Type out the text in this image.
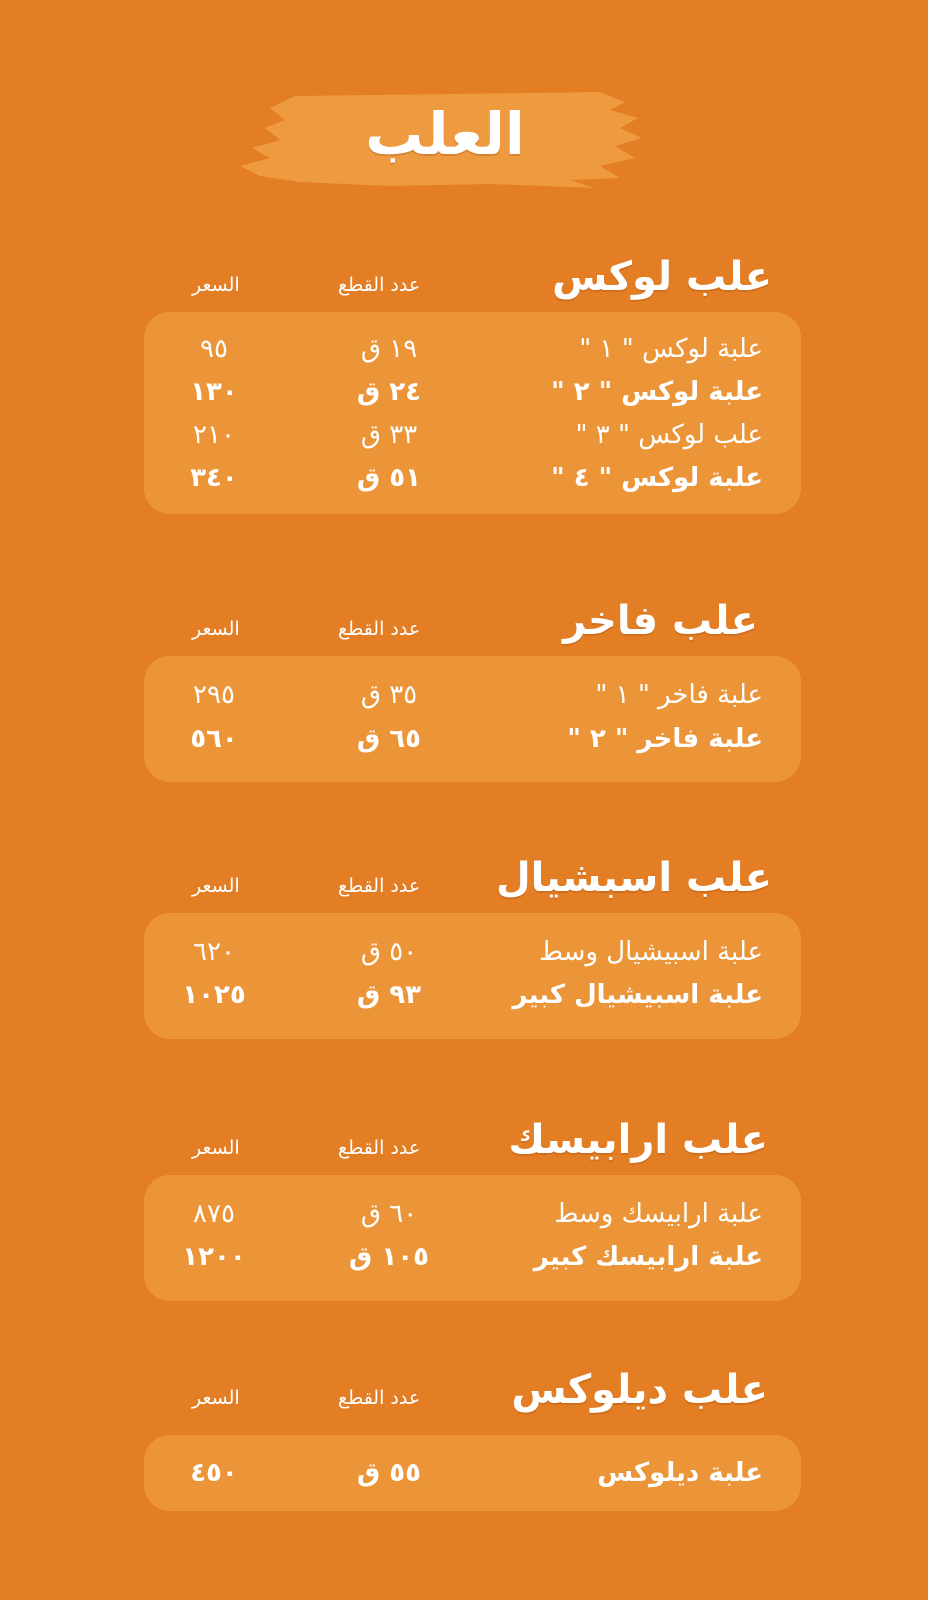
العلب
علب لوكس
عدد القطع
السعر
علبة لوكس " ١ "
١٩ ق
٩٥
علبة لوكس " ٢ "
٢٤ ق
١٣٠
علب لوكس " ٣ "
٣٣ ق
٢١٠
علبة لوكس " ٤ "
٥١ ق
٣٤٠
علب فاخر
عدد القطع
السعر
علبة فاخر " ١ "
٣٥ ق
٢٩٥
علبة فاخر " ٢ "
٦٥ ق
٥٦٠
علب اسبشيال
عدد القطع
السعر
علبة اسبيشيال وسط
٥٠ ق
٦٢٠
علبة اسبيشيال كبير
٩٣ ق
١٠٢٥
علب ارابيسك
عدد القطع
السعر
علبة ارابيسك وسط
٦٠ ق
٨٧٥
علبة ارابيسك كبير
١٠٥ ق
١٢٠٠
علب ديلوكس
عدد القطع
السعر
علبة ديلوكس
٥٥ ق
٤٥٠
